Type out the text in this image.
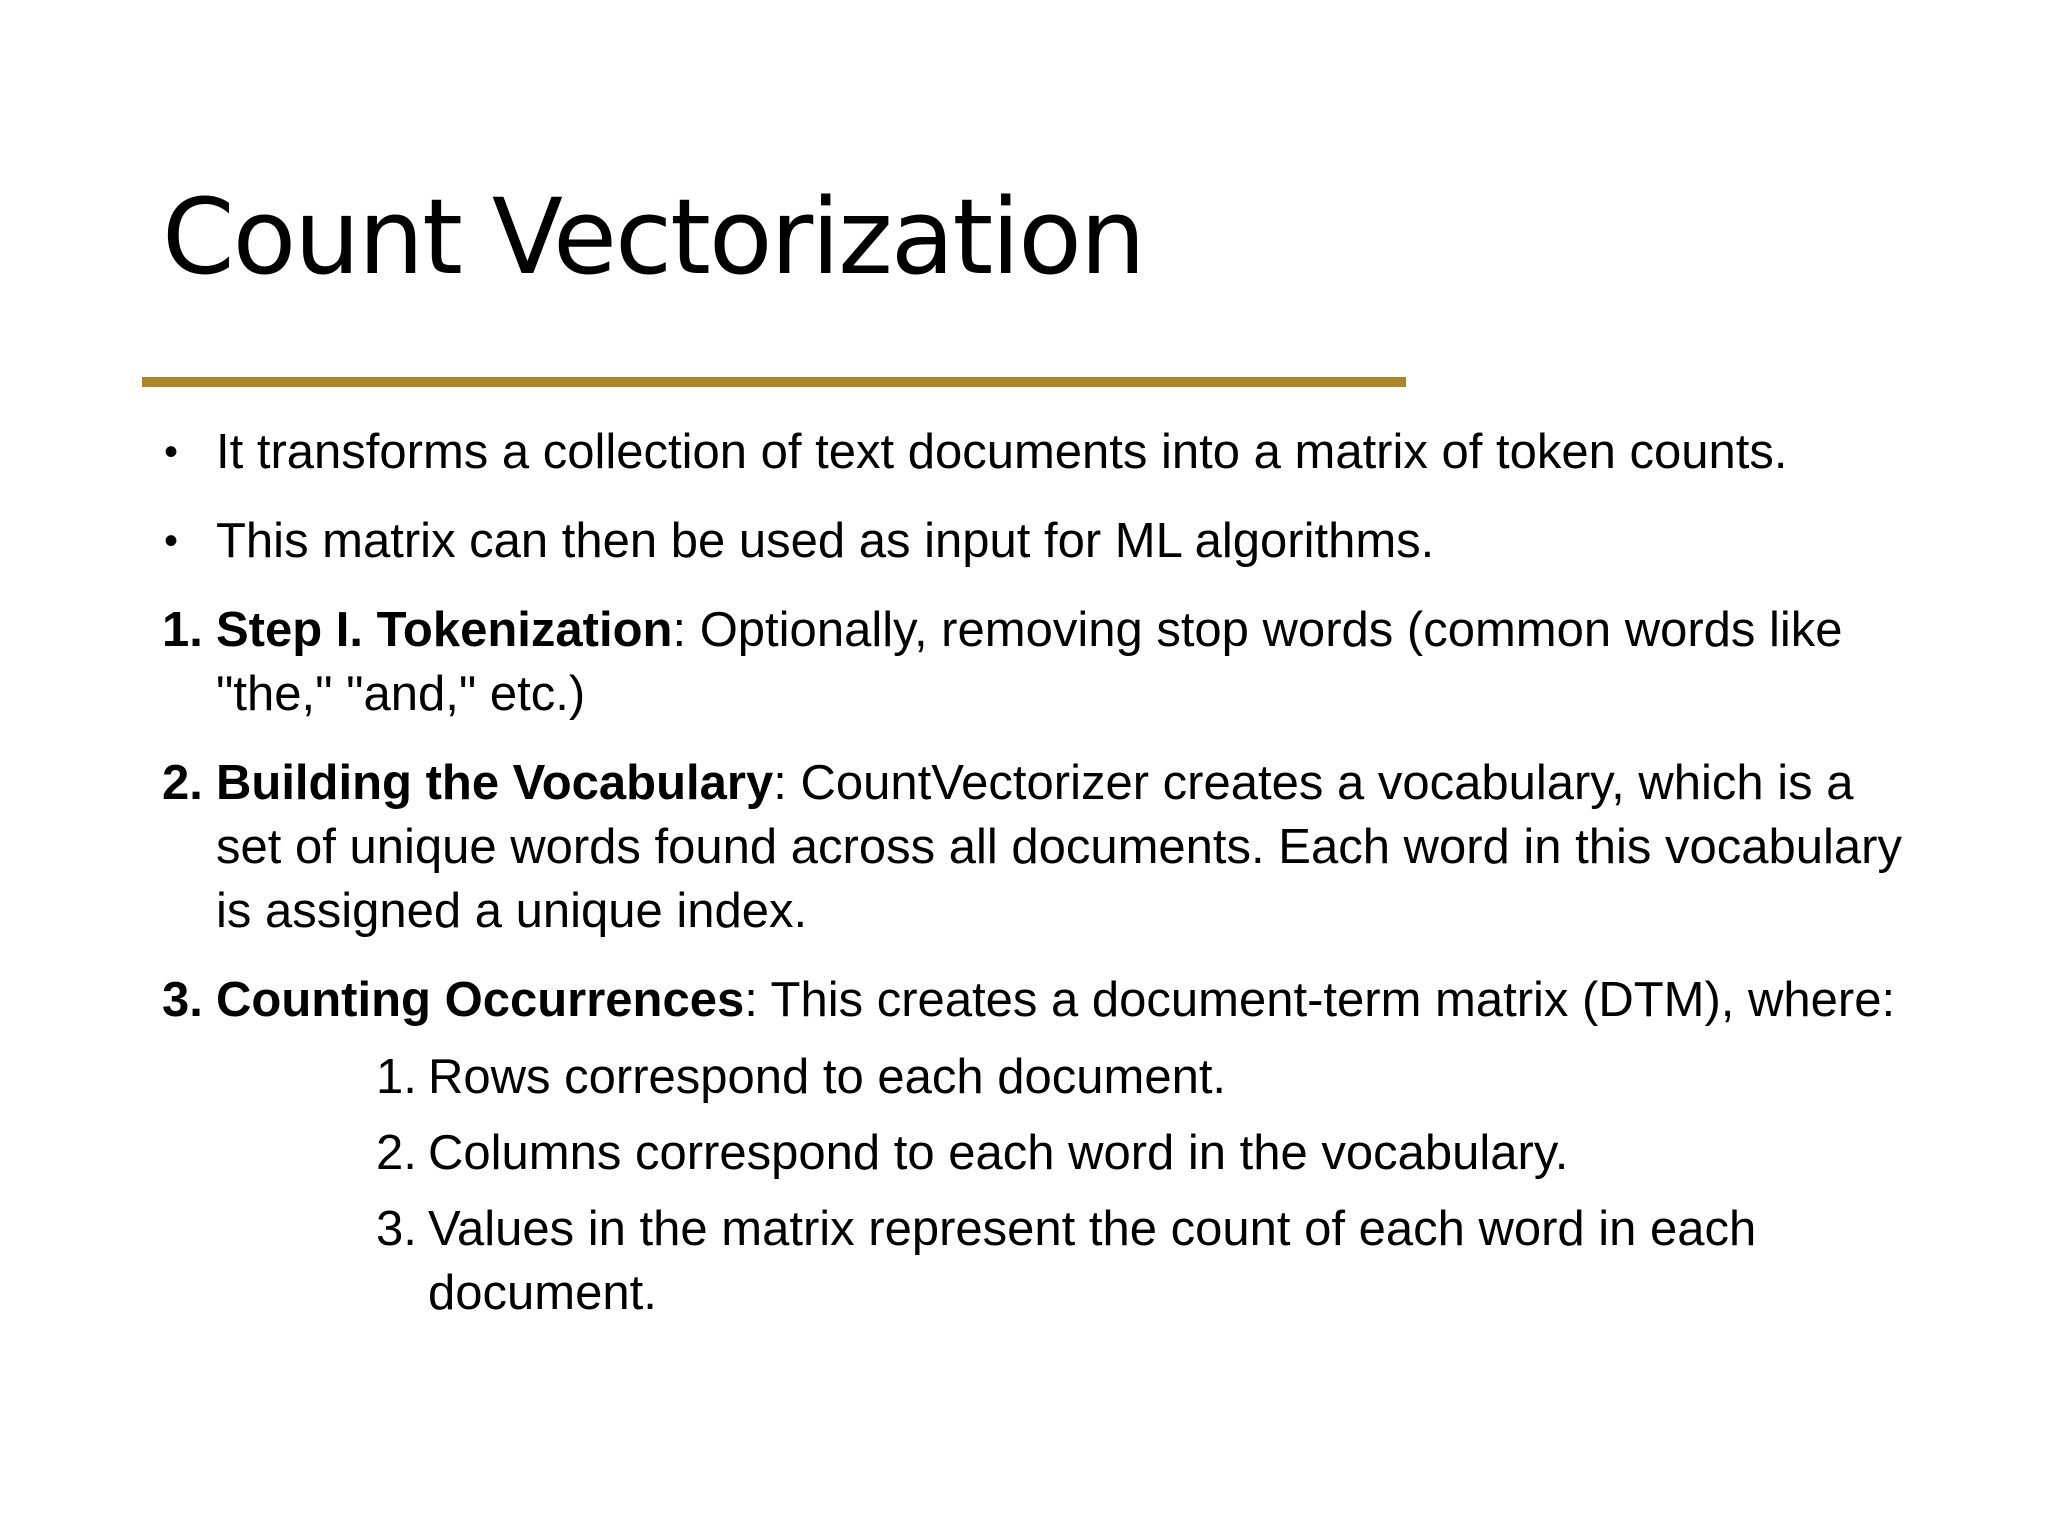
Count Vectorization
• It transforms a collection of text documents into a matrix of token counts.
• This matrix can then be used as input for ML algorithms.
1. Step I. Tokenization: Optionally, removing stop words (common words like "the," "and," etc.)
2. Building the Vocabulary: CountVectorizer creates a vocabulary, which is a set of unique words found across all documents. Each word in this vocabulary is assigned a unique index.
3. Counting Occurrences: This creates a document-term matrix (DTM), where:
1. Rows correspond to each document.
2. Columns correspond to each word in the vocabulary.
3. Values in the matrix represent the count of each word in each document.
